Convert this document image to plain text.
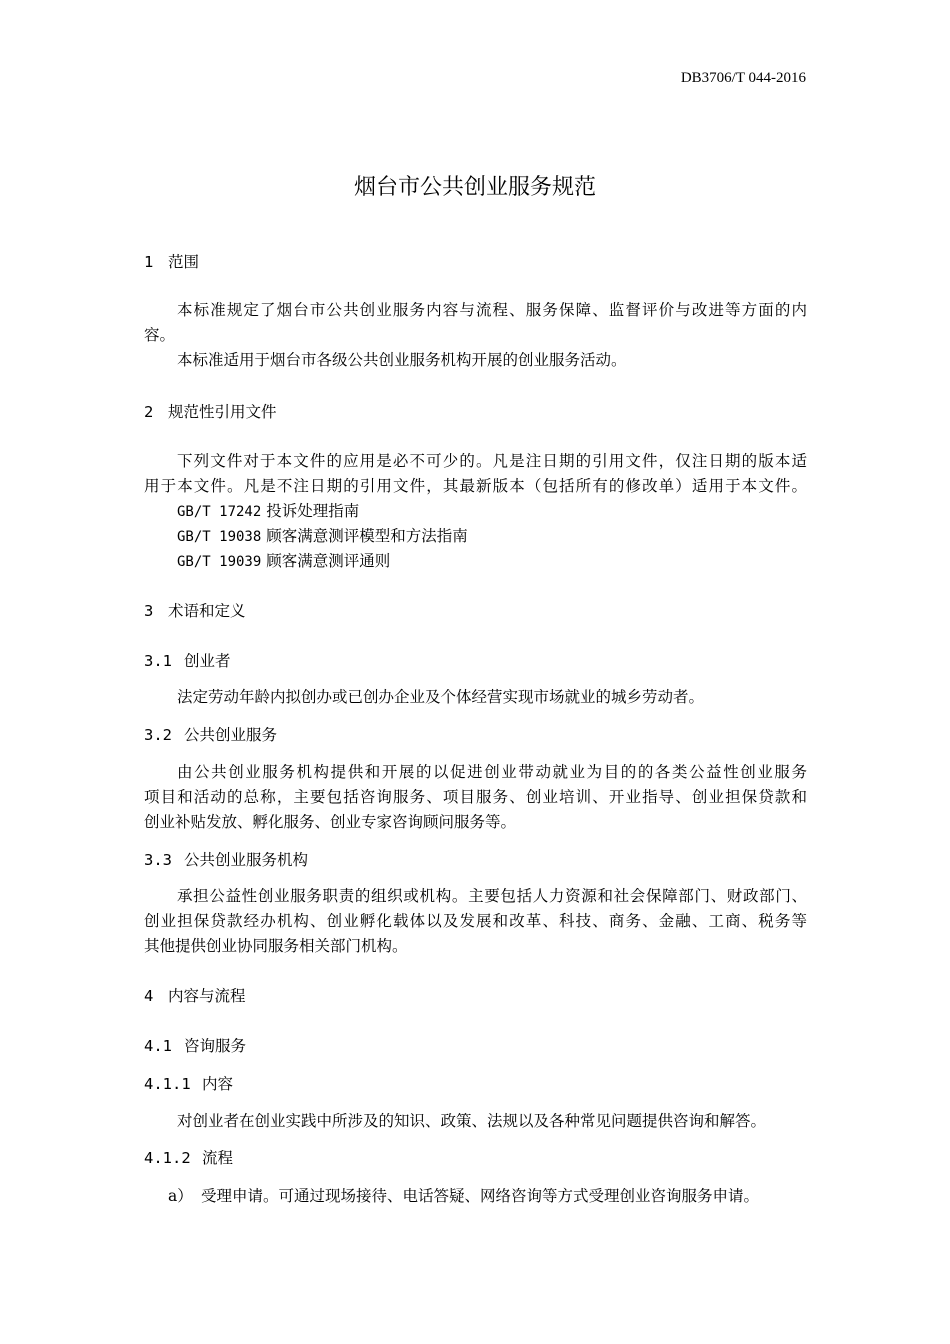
DB3706/T 044-2016
烟台市公共创业服务规范
1 范围
本标准规定了烟台市公共创业服务内容与流程、服务保障、监督评价与改进等方面的内
容。
本标准适用于烟台市各级公共创业服务机构开展的创业服务活动。
2 规范性引用文件
下列文件对于本文件的应用是必不可少的。凡是注日期的引用文件，仅注日期的版本适
用于本文件。凡是不注日期的引用文件，其最新版本（包括所有的修改单）适用于本文件。
GB/T 17242 投诉处理指南
GB/T 19038 顾客满意测评模型和方法指南
GB/T 19039 顾客满意测评通则
3 术语和定义
3.1 创业者
法定劳动年龄内拟创办或已创办企业及个体经营实现市场就业的城乡劳动者。
3.2 公共创业服务
由公共创业服务机构提供和开展的以促进创业带动就业为目的的各类公益性创业服务
项目和活动的总称，主要包括咨询服务、项目服务、创业培训、开业指导、创业担保贷款和
创业补贴发放、孵化服务、创业专家咨询顾问服务等。
3.3 公共创业服务机构
承担公益性创业服务职责的组织或机构。主要包括人力资源和社会保障部门、财政部门、
创业担保贷款经办机构、创业孵化载体以及发展和改革、科技、商务、金融、工商、税务等
其他提供创业协同服务相关部门机构。
4 内容与流程
4.1 咨询服务
4.1.1 内容
对创业者在创业实践中所涉及的知识、政策、法规以及各种常见问题提供咨询和解答。
4.1.2 流程
a） 受理申请。可通过现场接待、电话答疑、网络咨询等方式受理创业咨询服务申请。
